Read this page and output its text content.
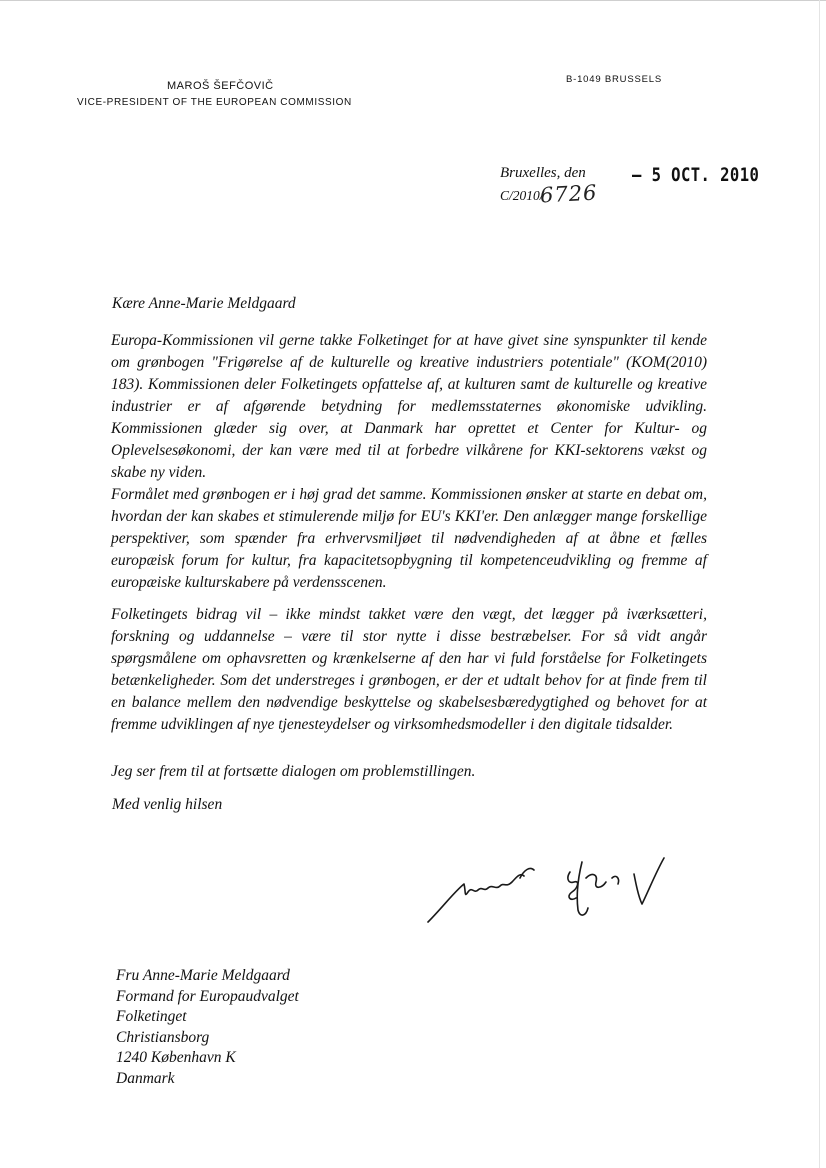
MAROŠ ŠEFČOVIČ
VICE-PRESIDENT OF THE EUROPEAN COMMISSION
B-1049 BRUSSELS
Bruxelles, den – 5 OCT. 2010
C/2010/
6726
Kære Anne-Marie Meldgaard

Europa-Kommissionen vil gerne takke Folketinget for at have givet sine synspunkter til kende om grønbogen "Frigørelse af de kulturelle og kreative industriers potentiale" (KOM(2010) 183). Kommissionen deler Folketingets opfattelse af, at kulturen samt de kulturelle og kreative industrier er af afgørende betydning for medlemsstaternes økonomiske udvikling. Kommissionen glæder sig over, at Danmark har oprettet et Center for Kultur- og Oplevelsesøkonomi, der kan være med til at forbedre vilkårene for KKI-sektorens vækst og skabe ny viden.

Formålet med grønbogen er i høj grad det samme. Kommissionen ønsker at starte en debat om, hvordan der kan skabes et stimulerende miljø for EU's KKI'er. Den anlægger mange forskellige perspektiver, som spænder fra erhvervsmiljøet til nødvendigheden af at åbne et fælles europæisk forum for kultur, fra kapacitetsopbygning til kompetenceudvikling og fremme af europæiske kulturskabere på verdensscenen.

Folketingets bidrag vil – ikke mindst takket være den vægt, det lægger på iværksætteri, forskning og uddannelse – være til stor nytte i disse bestræbelser. For så vidt angår spørgsmålene om ophavsretten og krænkelserne af den har vi fuld forståelse for Folketingets betænkeligheder. Som det understreges i grønbogen, er der et udtalt behov for at finde frem til en balance mellem den nødvendige beskyttelse og skabelsesbæredygtighed og behovet for at fremme udviklingen af nye tjenesteydelser og virksomhedsmodeller i den digitale tidsalder.

Jeg ser frem til at fortsætte dialogen om problemstillingen.

Med venlig hilsen
Fru Anne-Marie Meldgaard
Formand for Europaudvalget
Folketinget
Christiansborg
1240 København K
Danmark
